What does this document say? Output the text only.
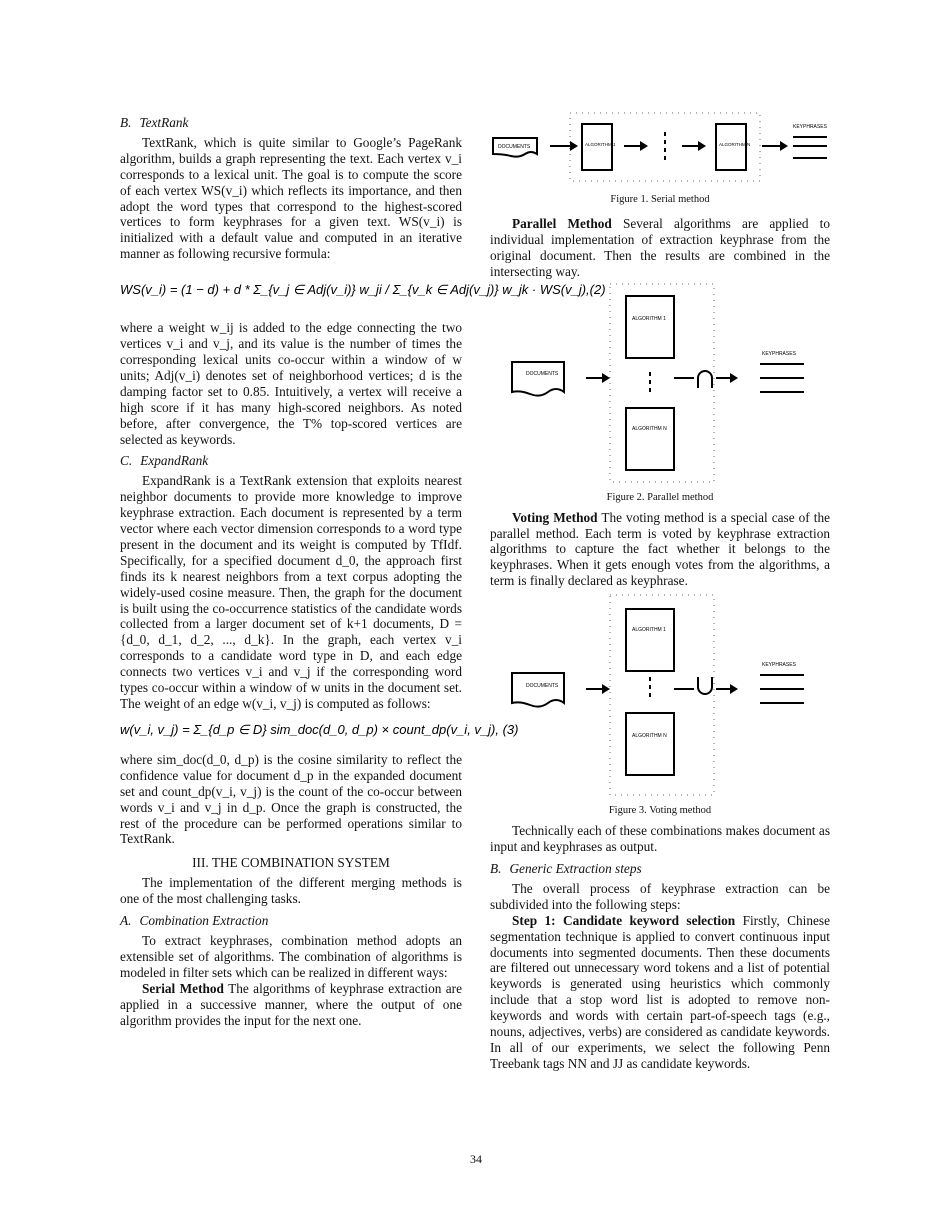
B. TextRank

TextRank, which is quite similar to Google’s PageRank algorithm, builds a graph representing the text. Each vertex v_i corresponds to a lexical unit. The goal is to compute the score of each vertex WS(v_i) which reflects its importance, and then adopt the word types that correspond to the highest-scored vertices to form keyphrases for a given text. WS(v_i) is initialized with a default value and computed in an iterative manner as following recursive formula:

WS(v_i) = (1 − d) + d * Σ_{v_j ∈ Adj(v_i)} w_ji / Σ_{v_k ∈ Adj(v_j)} w_jk · WS(v_j),(2)

where a weight w_ij is added to the edge connecting the two vertices v_i and v_j, and its value is the number of times the corresponding lexical units co-occur within a window of w units; Adj(v_i) denotes set of neighborhood vertices; d is the damping factor set to 0.85. Intuitively, a vertex will receive a high score if it has many high-scored neighbors. As noted before, after convergence, the T% top-scored vertices are selected as keywords.

C. ExpandRank

ExpandRank is a TextRank extension that exploits nearest neighbor documents to provide more knowledge to improve keyphrase extraction. Each document is represented by a term vector where each vector dimension corresponds to a word type present in the document and its weight is computed by TfIdf. Specifically, for a specified document d_0, the approach first finds its k nearest neighbors from a text corpus adopting the widely-used cosine measure. Then, the graph for the document is built using the co-occurrence statistics of the candidate words collected from a larger document set of k+1 documents, D = {d_0, d_1, d_2, ..., d_k}. In the graph, each vertex v_i corresponds to a candidate word type in D, and each edge connects two vertices v_i and v_j if the corresponding word types co-occur within a window of w units in the document set. The weight of an edge w(v_i, v_j) is computed as follows:

w(v_i, v_j) = Σ_{d_p ∈ D} sim_doc(d_0, d_p) × count_dp(v_i, v_j), (3)

where sim_doc(d_0, d_p) is the cosine similarity to reflect the confidence value for document d_p in the expanded document set and count_dp(v_i, v_j) is the count of the co-occur between words v_i and v_j in d_p. Once the graph is constructed, the rest of the procedure can be performed operations similar to TextRank.

III. THE COMBINATION SYSTEM

The implementation of the different merging methods is one of the most challenging tasks.

A. Combination Extraction

To extract keyphrases, combination method adopts an extensible set of algorithms. The combination of algorithms is modeled in filter sets which can be realized in different ways:

Serial Method The algorithms of keyphrase extraction are applied in a successive manner, where the output of one algorithm provides the input for the next one.

DOCUMENTS	ALGORITHM 1	ALGORITHM N
KEYPHRASES
Figure 1. Serial method

Parallel Method Several algorithms are applied to individual implementation of extraction keyphrase from the original document. Then the results are combined in the intersecting way.

DOCUMENTS
ALGORITHM 1
ALGORITHM N
KEYPHRASES
Figure 2. Parallel method

Voting Method The voting method is a special case of the parallel method. Each term is voted by keyphrase extraction algorithms to capture the fact whether it belongs to the keyphrases. When it gets enough votes from the algorithms, a term is finally declared as keyphrase.

DOCUMENTS
ALGORITHM 1
ALGORITHM N
KEYPHRASES
Figure 3. Voting method

Technically each of these combinations makes document as input and keyphrases as output.

B. Generic Extraction steps

The overall process of keyphrase extraction can be subdivided into the following steps:

Step 1: Candidate keyword selection Firstly, Chinese segmentation technique is applied to convert continuous input documents into segmented documents. Then these documents are filtered out unnecessary word tokens and a list of potential keywords is generated using heuristics which commonly include that a stop word list is adopted to remove non-keywords and words with certain part-of-speech tags (e.g., nouns, adjectives, verbs) are considered as candidate keywords. In all of our experiments, we select the following Penn Treebank tags NN and JJ as candidate keywords.

34
